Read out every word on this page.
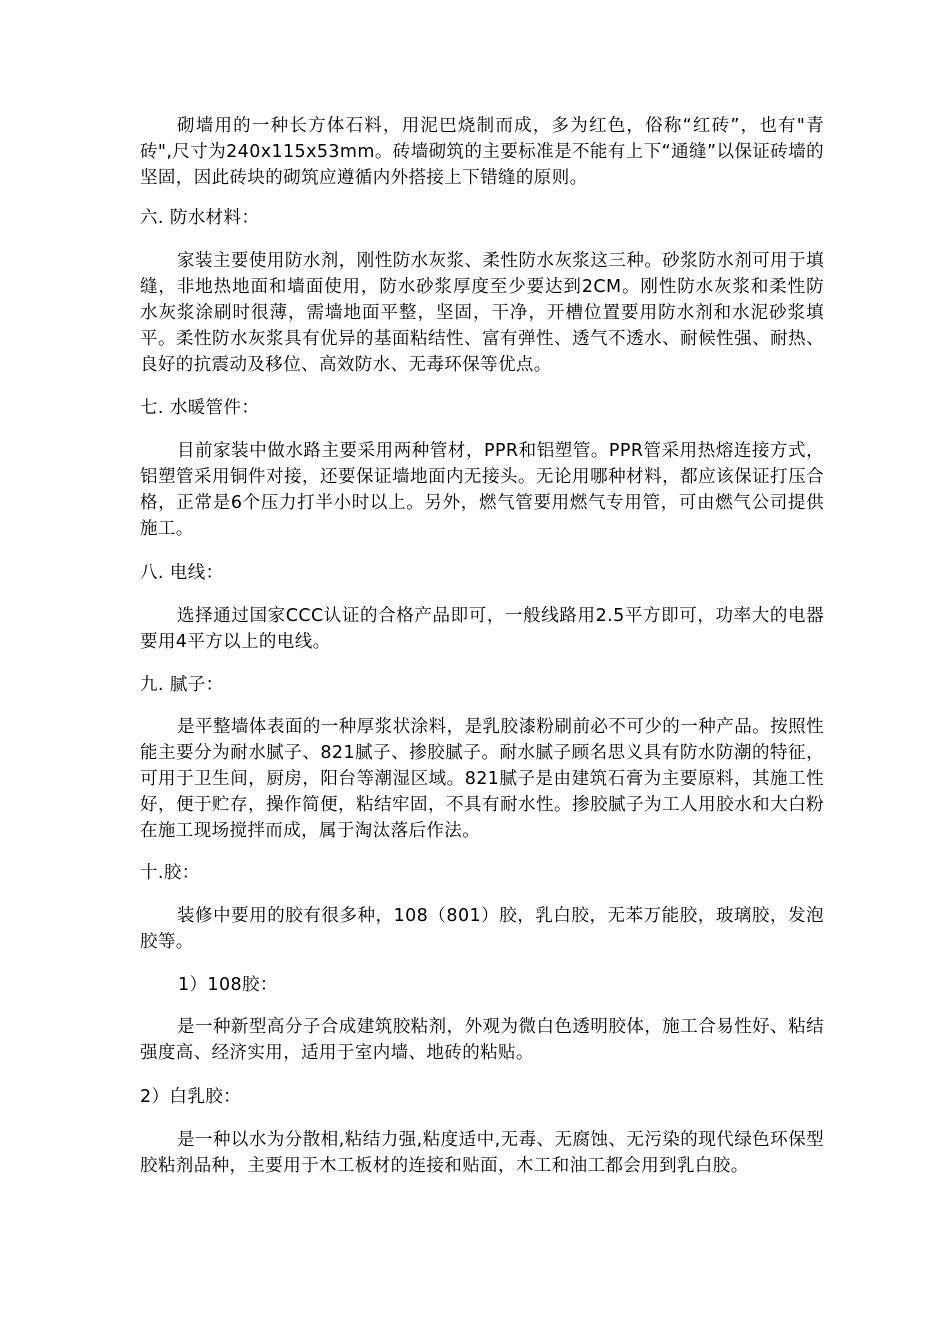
砌墙用的一种长方体石料，用泥巴烧制而成，多为红色，俗称“红砖”，也有"青砖",尺寸为240x115x53mm。砖墙砌筑的主要标准是不能有上下“通缝”以保证砖墙的坚固，因此砖块的砌筑应遵循内外搭接上下错缝的原则。

六. 防水材料：

家装主要使用防水剂，刚性防水灰浆、柔性防水灰浆这三种。砂浆防水剂可用于填缝，非地热地面和墙面使用，防水砂浆厚度至少要达到2CM。刚性防水灰浆和柔性防水灰浆涂刷时很薄，需墙地面平整，坚固，干净，开槽位置要用防水剂和水泥砂浆填平。柔性防水灰浆具有优异的基面粘结性、富有弹性、透气不透水、耐候性强、耐热、良好的抗震动及移位、高效防水、无毒环保等优点。

七. 水暖管件：

目前家装中做水路主要采用两种管材，PPR和铝塑管。PPR管采用热熔连接方式，铝塑管采用铜件对接，还要保证墙地面内无接头。无论用哪种材料，都应该保证打压合格，正常是6个压力打半小时以上。另外，燃气管要用燃气专用管，可由燃气公司提供施工。

八. 电线：

选择通过国家CCC认证的合格产品即可，一般线路用2.5平方即可，功率大的电器要用4平方以上的电线。

九. 腻子：

是平整墙体表面的一种厚浆状涂料，是乳胶漆粉刷前必不可少的一种产品。按照性能主要分为耐水腻子、821腻子、掺胶腻子。耐水腻子顾名思义具有防水防潮的特征，可用于卫生间，厨房，阳台等潮湿区域。821腻子是由建筑石膏为主要原料，其施工性好，便于贮存，操作简便，粘结牢固，不具有耐水性。掺胶腻子为工人用胶水和大白粉在施工现场搅拌而成，属于淘汰落后作法。

十.胶：

装修中要用的胶有很多种，108（801）胶，乳白胶，无苯万能胶，玻璃胶，发泡胶等。

1）108胶：

是一种新型高分子合成建筑胶粘剂，外观为微白色透明胶体，施工合易性好、粘结强度高、经济实用，适用于室内墙、地砖的粘贴。

2）白乳胶：

是一种以水为分散相,粘结力强,粘度适中,无毒、无腐蚀、无污染的现代绿色环保型胶粘剂品种，主要用于木工板材的连接和贴面，木工和油工都会用到乳白胶。
